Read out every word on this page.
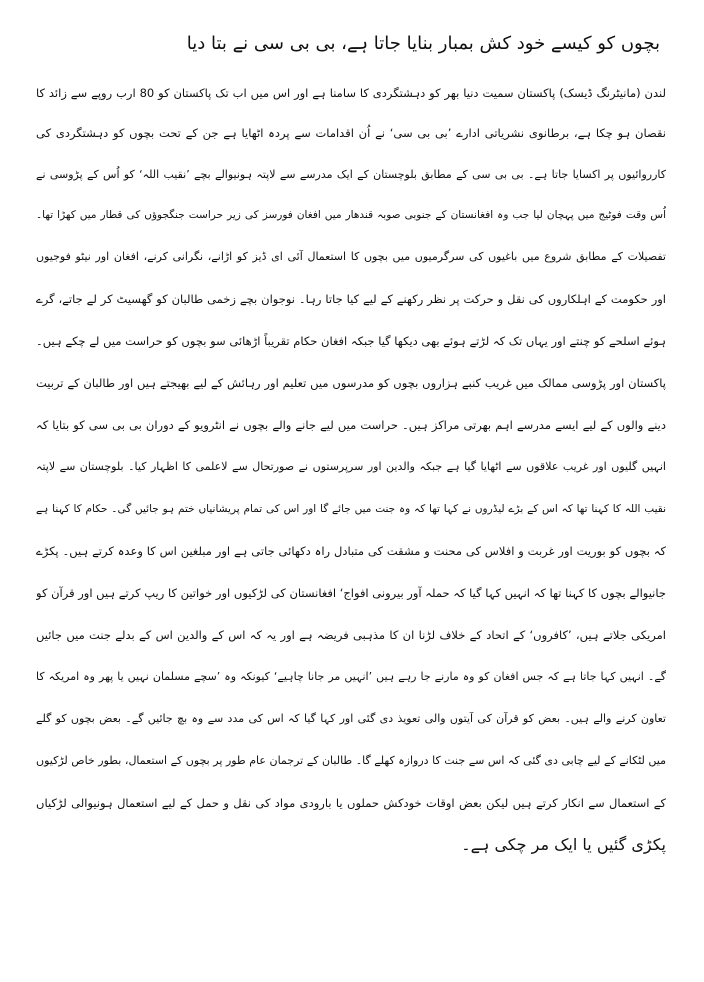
بچوں کو کیسے خود کش بمبار بنایا جاتا ہے، بی بی سی نے بتا دیا
لندن (مانیٹرنگ ڈیسک) پاکستان سمیت دنیا بھر کو دہشتگردی کا سامنا ہے اور اس میں اب تک پاکستان کو 80 ارب روپے سے زائد کا
نقصان ہو چکا ہے، برطانوی نشریاتی ادارے ’بی بی سی‘ نے اُن اقدامات سے پردہ اٹھایا ہے جن کے تحت بچوں کو دہشتگردی کی
کارروائیوں پر اکسایا جاتا ہے۔ بی بی سی کے مطابق بلوچستان کے ایک مدرسے سے لاپتہ ہونیوالے بچے ’نقیب اللہ‘ کو اُس کے پڑوسی نے
اُس وقت فوٹیج میں پہچان لیا جب وہ افغانستان کے جنوبی صوبہ قندھار میں افغان فورسز کی زیر حراست جنگجوؤں کی قطار میں کھڑا تھا۔
تفصیلات کے مطابق شروع میں باغیوں کی سرگرمیوں میں بچوں کا استعمال آئی ای ڈیز کو اڑانے، نگرانی کرنے، افغان اور نیٹو فوجیوں
اور حکومت کے اہلکاروں کی نقل و حرکت پر نظر رکھنے کے لیے کیا جاتا رہا۔ نوجوان بچے زخمی طالبان کو گھسیٹ کر لے جاتے، گرے
ہوئے اسلحے کو چنتے اور یہاں تک کہ لڑتے ہوئے بھی دیکھا گیا جبکہ افغان حکام تقریباً اڑھائی سو بچوں کو حراست میں لے چکے ہیں۔
پاکستان اور پڑوسی ممالک میں غریب کنبے ہزاروں بچوں کو مدرسوں میں تعلیم اور رہائش کے لیے بھیجتے ہیں اور طالبان کے تربیت
دینے والوں کے لیے ایسے مدرسے اہم بھرتی مراکز ہیں۔ حراست میں لیے جانے والے بچوں نے انٹرویو کے دوران بی بی سی کو بتایا کہ
انہیں گلیوں اور غریب علاقوں سے اٹھایا گیا ہے جبکہ والدین اور سرپرستوں نے صورتحال سے لاعلمی کا اظہار کیا۔ بلوچستان سے لاپتہ
نقیب اللہ کا کہنا تھا کہ اس کے بڑے لیڈروں نے کہا تھا کہ وہ جنت میں جائے گا اور اس کی تمام پریشانیاں ختم ہو جائیں گی۔ حکام کا کہنا ہے
کہ بچوں کو بوریت اور غربت و افلاس کی محنت و مشقت کی متبادل راہ دکھائی جاتی ہے اور مبلغین اس کا وعدہ کرتے ہیں۔ پکڑے
جانیوالے بچوں کا کہنا تھا کہ انہیں کہا گیا کہ حملہ آور بیرونی افواج‘ افغانستان کی لڑکیوں اور خواتین کا ریپ کرتے ہیں اور قرآن کو
امریکی جلاتے ہیں، ’کافروں‘ کے اتحاد کے خلاف لڑنا ان کا مذہبی فریضہ ہے اور یہ کہ اس کے والدین اس کے بدلے جنت میں جائیں
گے۔ انہیں کہا جاتا ہے کہ جس افغان کو وہ مارنے جا رہے ہیں ’انہیں مر جانا چاہیے‘ کیونکہ وہ ’سچے مسلمان نہیں یا پھر وہ امریکہ کا
تعاون کرنے والے ہیں۔ بعض کو قرآن کی آیتوں والی تعویذ دی گئی اور کہا گیا کہ اس کی مدد سے وہ بچ جائیں گے۔ بعض بچوں کو گلے
میں لٹکانے کے لیے چابی دی گئی کہ اس سے جنت کا دروازہ کھلے گا۔ طالبان کے ترجمان عام طور پر بچوں کے استعمال، بطور خاص لڑکیوں
کے استعمال سے انکار کرتے ہیں لیکن بعض اوقات خودکش حملوں یا بارودی مواد کی نقل و حمل کے لیے استعمال ہونیوالی لڑکیاں
پکڑی گئیں یا ایک مر چکی ہے۔
